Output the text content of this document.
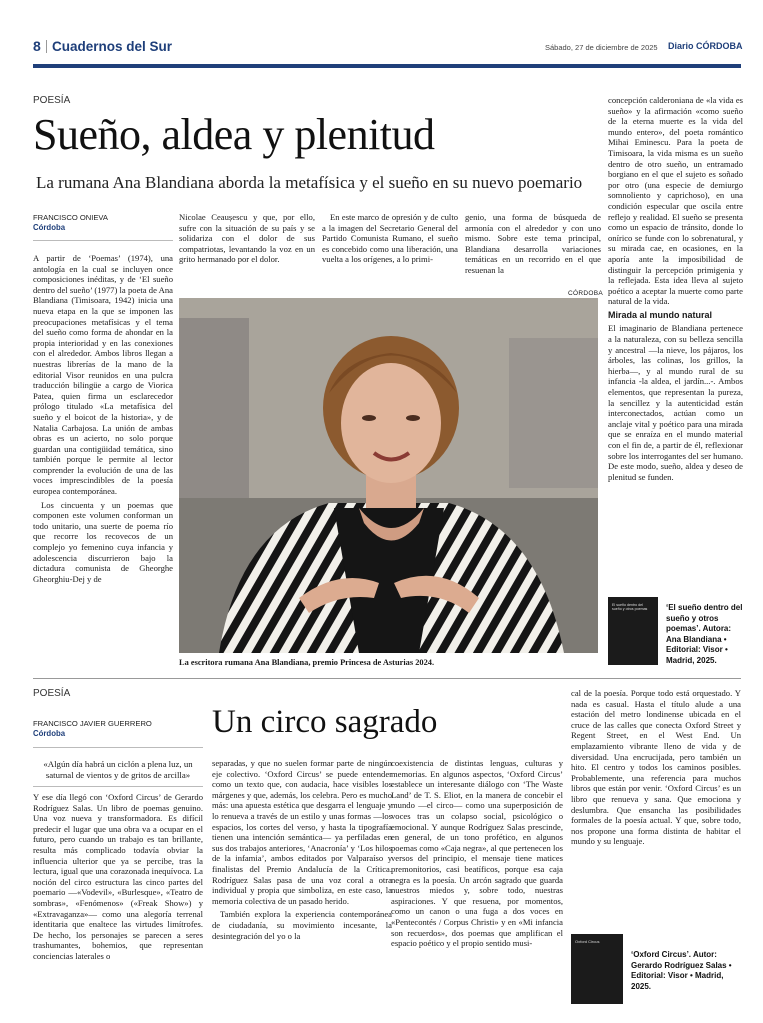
8 Cuadernos del Sur	Sábado, 27 de diciembre de 2025 Diario CÓRDOBA
POESÍA
Sueño, aldea y plenitud
La rumana Ana Blandiana aborda la metafísica y el sueño en su nuevo poemario
FRANCISCO ONIEVA
Córdoba

A partir de ‘Poemas’ (1974), una antología en la cual se incluyen once composiciones inéditas, y de ‘El sueño dentro del sueño’ (1977) la poeta de Ana Blandiana (Timisoara, 1942) inicia una nueva etapa en la que se imponen las preocupaciones metafísicas y el tema del sueño como forma de ahondar en la propia interioridad y en las conexiones con el alrededor. Ambos libros llegan a nuestras librerías de la mano de la editorial Visor reunidos en una pulcra traducción bilingüe a cargo de Viorica Patea, quien firma un esclarecedor prólogo titulado «La metafísica del sueño y el boicot de la historia», y de Natalia Carbajosa. La unión de ambas obras es un acierto, no solo porque guardan una contigüidad temática, sino también porque le permite al lector comprender la evolución de una de las voces imprescindibles de la poesía europea contemporánea.

Los cincuenta y un poemas que componen este volumen conforman un todo unitario, una suerte de poema río que recorre los recovecos de un complejo yo femenino cuya infancia y adolescencia discurrieron bajo la dictadura comunista de Gheorghe Gheorghiu-Dej y de

Nicolae Ceaușescu y que, por ello, sufre con la situación de su país y se solidariza con el dolor de sus compatriotas, levantando la voz en un grito hermanado por el dolor.

En este marco de opresión y de culto a la imagen del Secretario General del Partido Comunista Rumano, el sueño es concebido como una liberación, una vuelta a los orígenes, a lo primi-

genio, una forma de búsqueda de armonía con el alrededor y con uno mismo. Sobre este tema principal, Blandiana desarrolla variaciones temáticas en un recorrido en el que resuenan la

CÓRDOBA
La escritora rumana Ana Blandiana, premio Princesa de Asturias 2024.

concepción calderoniana de «la vida es sueño» y la afirmación «como sueño de la eterna muerte es la vida del mundo entero», del poeta romántico Mihai Eminescu. Para la poeta de Timisoara, la vida misma es un sueño dentro de otro sueño, un entramado borgiano en el que el sujeto es soñado por otro (una especie de demiurgo somnoliento y caprichoso), en una condición especular que oscila entre reflejo y realidad. El sueño se presenta como un espacio de tránsito, donde lo onírico se funde con lo sobrenatural, y su mirada cae, en ocasiones, en la aporía ante la imposibilidad de distinguir la percepción primigenia y la reflejada. Esta idea lleva al sujeto poético a aceptar la muerte como parte natural de la vida.

Mirada al mundo natural

El imaginario de Blandiana pertenece a la naturaleza, con su belleza sencilla y ancestral —la nieve, los pájaros, los árboles, las colinas, los grillos, la hierba—, y al mundo rural de su infancia -la aldea, el jardín...-. Ambos elementos, que representan la pureza, la sencillez y la autenticidad están interconectados, actúan como un anclaje vital y poético para una mirada que se enraíza en el mundo material con el fin de, a partir de él, reflexionar sobre los interrogantes del ser humano. De este modo, sueño, aldea y deseo de plenitud se funden.

El sueño dentro del sueño y otros poemas	‘El sueño dentro del sueño y otros poemas’. Autora: Ana Blandiana • Editorial: Visor • Madrid, 2025.
POESÍA
FRANCISCO JAVIER GUERRERO
Córdoba	Un circo sagrado
«Algún día habrá un ciclón a plena luz, un saturnal de vientos y de gritos de arcilla»

Y ese día llegó con ‘Oxford Circus’ de Gerardo Rodríguez Salas. Un libro de poemas genuino. Una voz nueva y transformadora. Es difícil predecir el lugar que una obra va a ocupar en el futuro, pero cuando un trabajo es tan brillante, resulta más complicado todavía obviar la influencia ulterior que ya se percibe, tras la lectura, igual que una corazonada inequívoca. La noción del circo estructura las cinco partes del poemario —«Vodevil», «Burlesque», «Teatro de sombras», «Fenómenos» («Freak Show») y «Extravaganza»— como una alegoría terrenal identitaria que enaltece las virtudes limítrofes. De hecho, los personajes se parecen a seres trashumantes, bohemios, que representan conciencias laterales o

separadas, y que no suelen formar parte de ningún eje colectivo. ‘Oxford Circus’ se puede entender como un texto que, con audacia, hace visibles los márgenes y que, además, los celebra. Pero es mucho más: una apuesta estética que desgarra el lenguaje y lo renueva a través de un estilo y unas formas —los espacios, los cortes del verso, y hasta la tipografía tienen una intención semántica— ya perfiladas en sus dos trabajos anteriores, ‘Anacronía’ y ‘Los hilos de la infamia’, ambos editados por Valparaíso y finalistas del Premio Andalucía de la Crítica. Rodríguez Salas pasa de una voz coral a otra individual y propia que simboliza, en este caso, la memoria colectiva de un pasado herido.

También explora la experiencia contemporánea de ciudadanía, su movimiento incesante, la desintegración del yo o la

coexistencia de distintas lenguas, culturas y memorias. En algunos aspectos, ‘Oxford Circus’ establece un interesante diálogo con ‘The Waste Land’ de T. S. Eliot, en la manera de concebir el mundo —el circo— como una superposición de voces tras un colapso social, psicológico o emocional. Y aunque Rodríguez Salas prescinde, en general, de un tono profético, en algunos poemas como «Caja negra», al que pertenecen los versos del principio, el mensaje tiene matices premonitorios, casi beatíficos, porque esa caja negra es la poesía. Un arcón sagrado que guarda nuestros miedos y, sobre todo, nuestras aspiraciones. Y que resuena, por momentos, como un canon o una fuga a dos voces en «Pentecontés / Corpus Christi» y en «Mi infancia son recuerdos», dos poemas que amplifican el espacio poético y el propio sentido musi-

cal de la poesía. Porque todo está orquestado. Y nada es casual. Hasta el título alude a una estación del metro londinense ubicada en el cruce de las calles que conecta Oxford Street y Regent Street, en el West End. Un emplazamiento vibrante lleno de vida y de diversidad. Una encrucijada, pero también un hito. El centro y todos los caminos posibles. Probablemente, una referencia para muchos libros que están por venir. ‘Oxford Circus’ es un libro que renueva y sana. Que emociona y deslumbra. Que ensancha las posibilidades formales de la poesía actual. Y que, sobre todo, nos propone una forma distinta de habitar el mundo y su lenguaje.

Oxford Circus
‘Oxford Circus’. Autor: Gerardo Rodríguez Salas • Editorial: Visor • Madrid, 2025.
